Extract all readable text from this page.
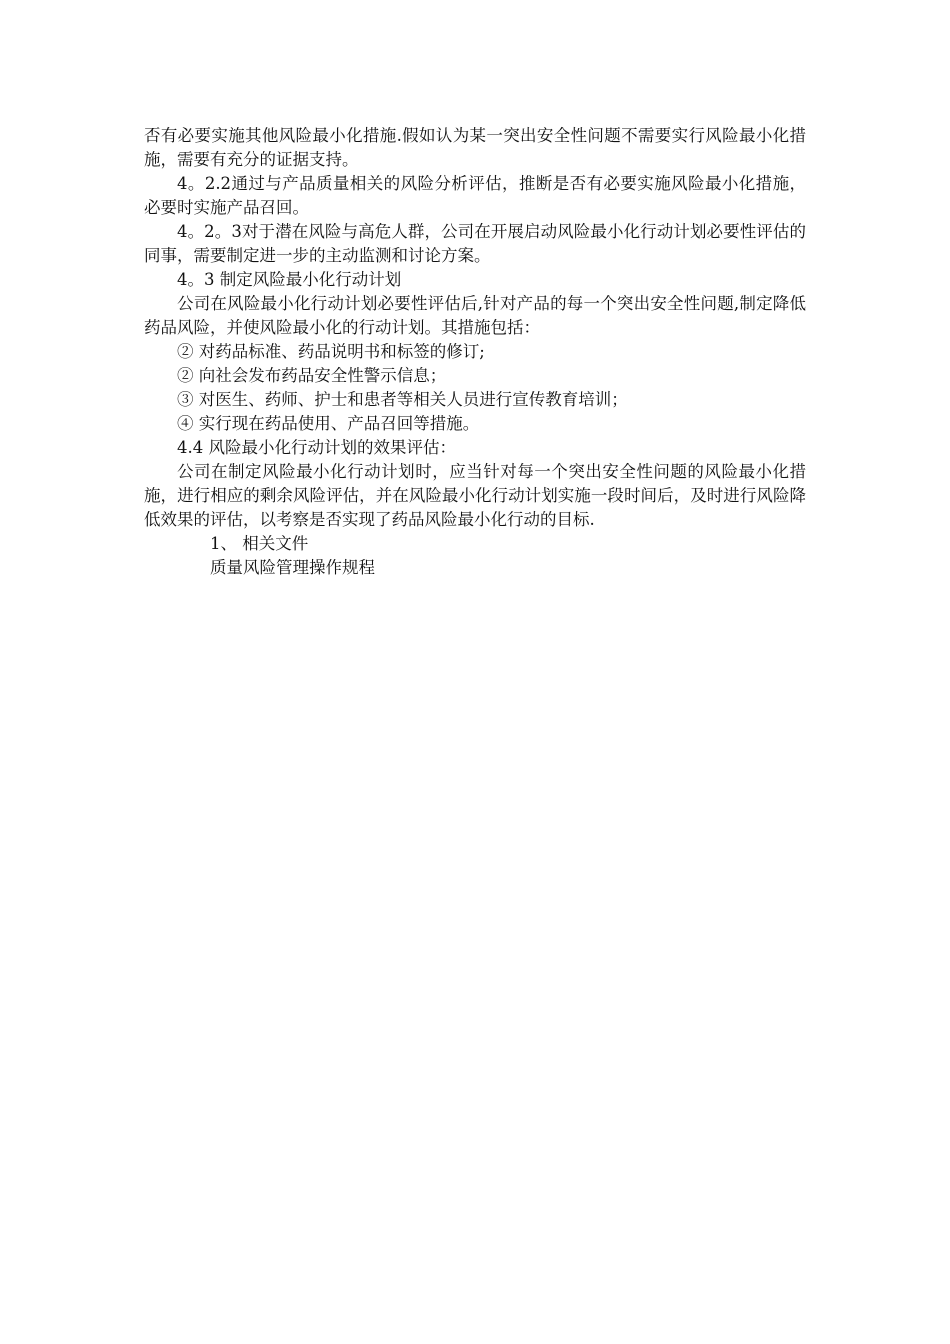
否有必要实施其他风险最小化措施.假如认为某一突出安全性问题不需要实行风险最小化措施，需要有充分的证据支持。

4。2.2通过与产品质量相关的风险分析评估，推断是否有必要实施风险最小化措施，必要时实施产品召回。

4。2。3对于潜在风险与高危人群，公司在开展启动风险最小化行动计划必要性评估的同事，需要制定进一步的主动监测和讨论方案。

4。3 制定风险最小化行动计划

公司在风险最小化行动计划必要性评估后,针对产品的每一个突出安全性问题,制定降低药品风险，并使风险最小化的行动计划。其措施包括：

② 对药品标准、药品说明书和标签的修订;

② 向社会发布药品安全性警示信息；

③ 对医生、药师、护士和患者等相关人员进行宣传教育培训；

④ 实行现在药品使用、产品召回等措施。

4.4 风险最小化行动计划的效果评估：

公司在制定风险最小化行动计划时，应当针对每一个突出安全性问题的风险最小化措施，进行相应的剩余风险评估，并在风险最小化行动计划实施一段时间后，及时进行风险降低效果的评估，以考察是否实现了药品风险最小化行动的目标.

1、 相关文件

质量风险管理操作规程
